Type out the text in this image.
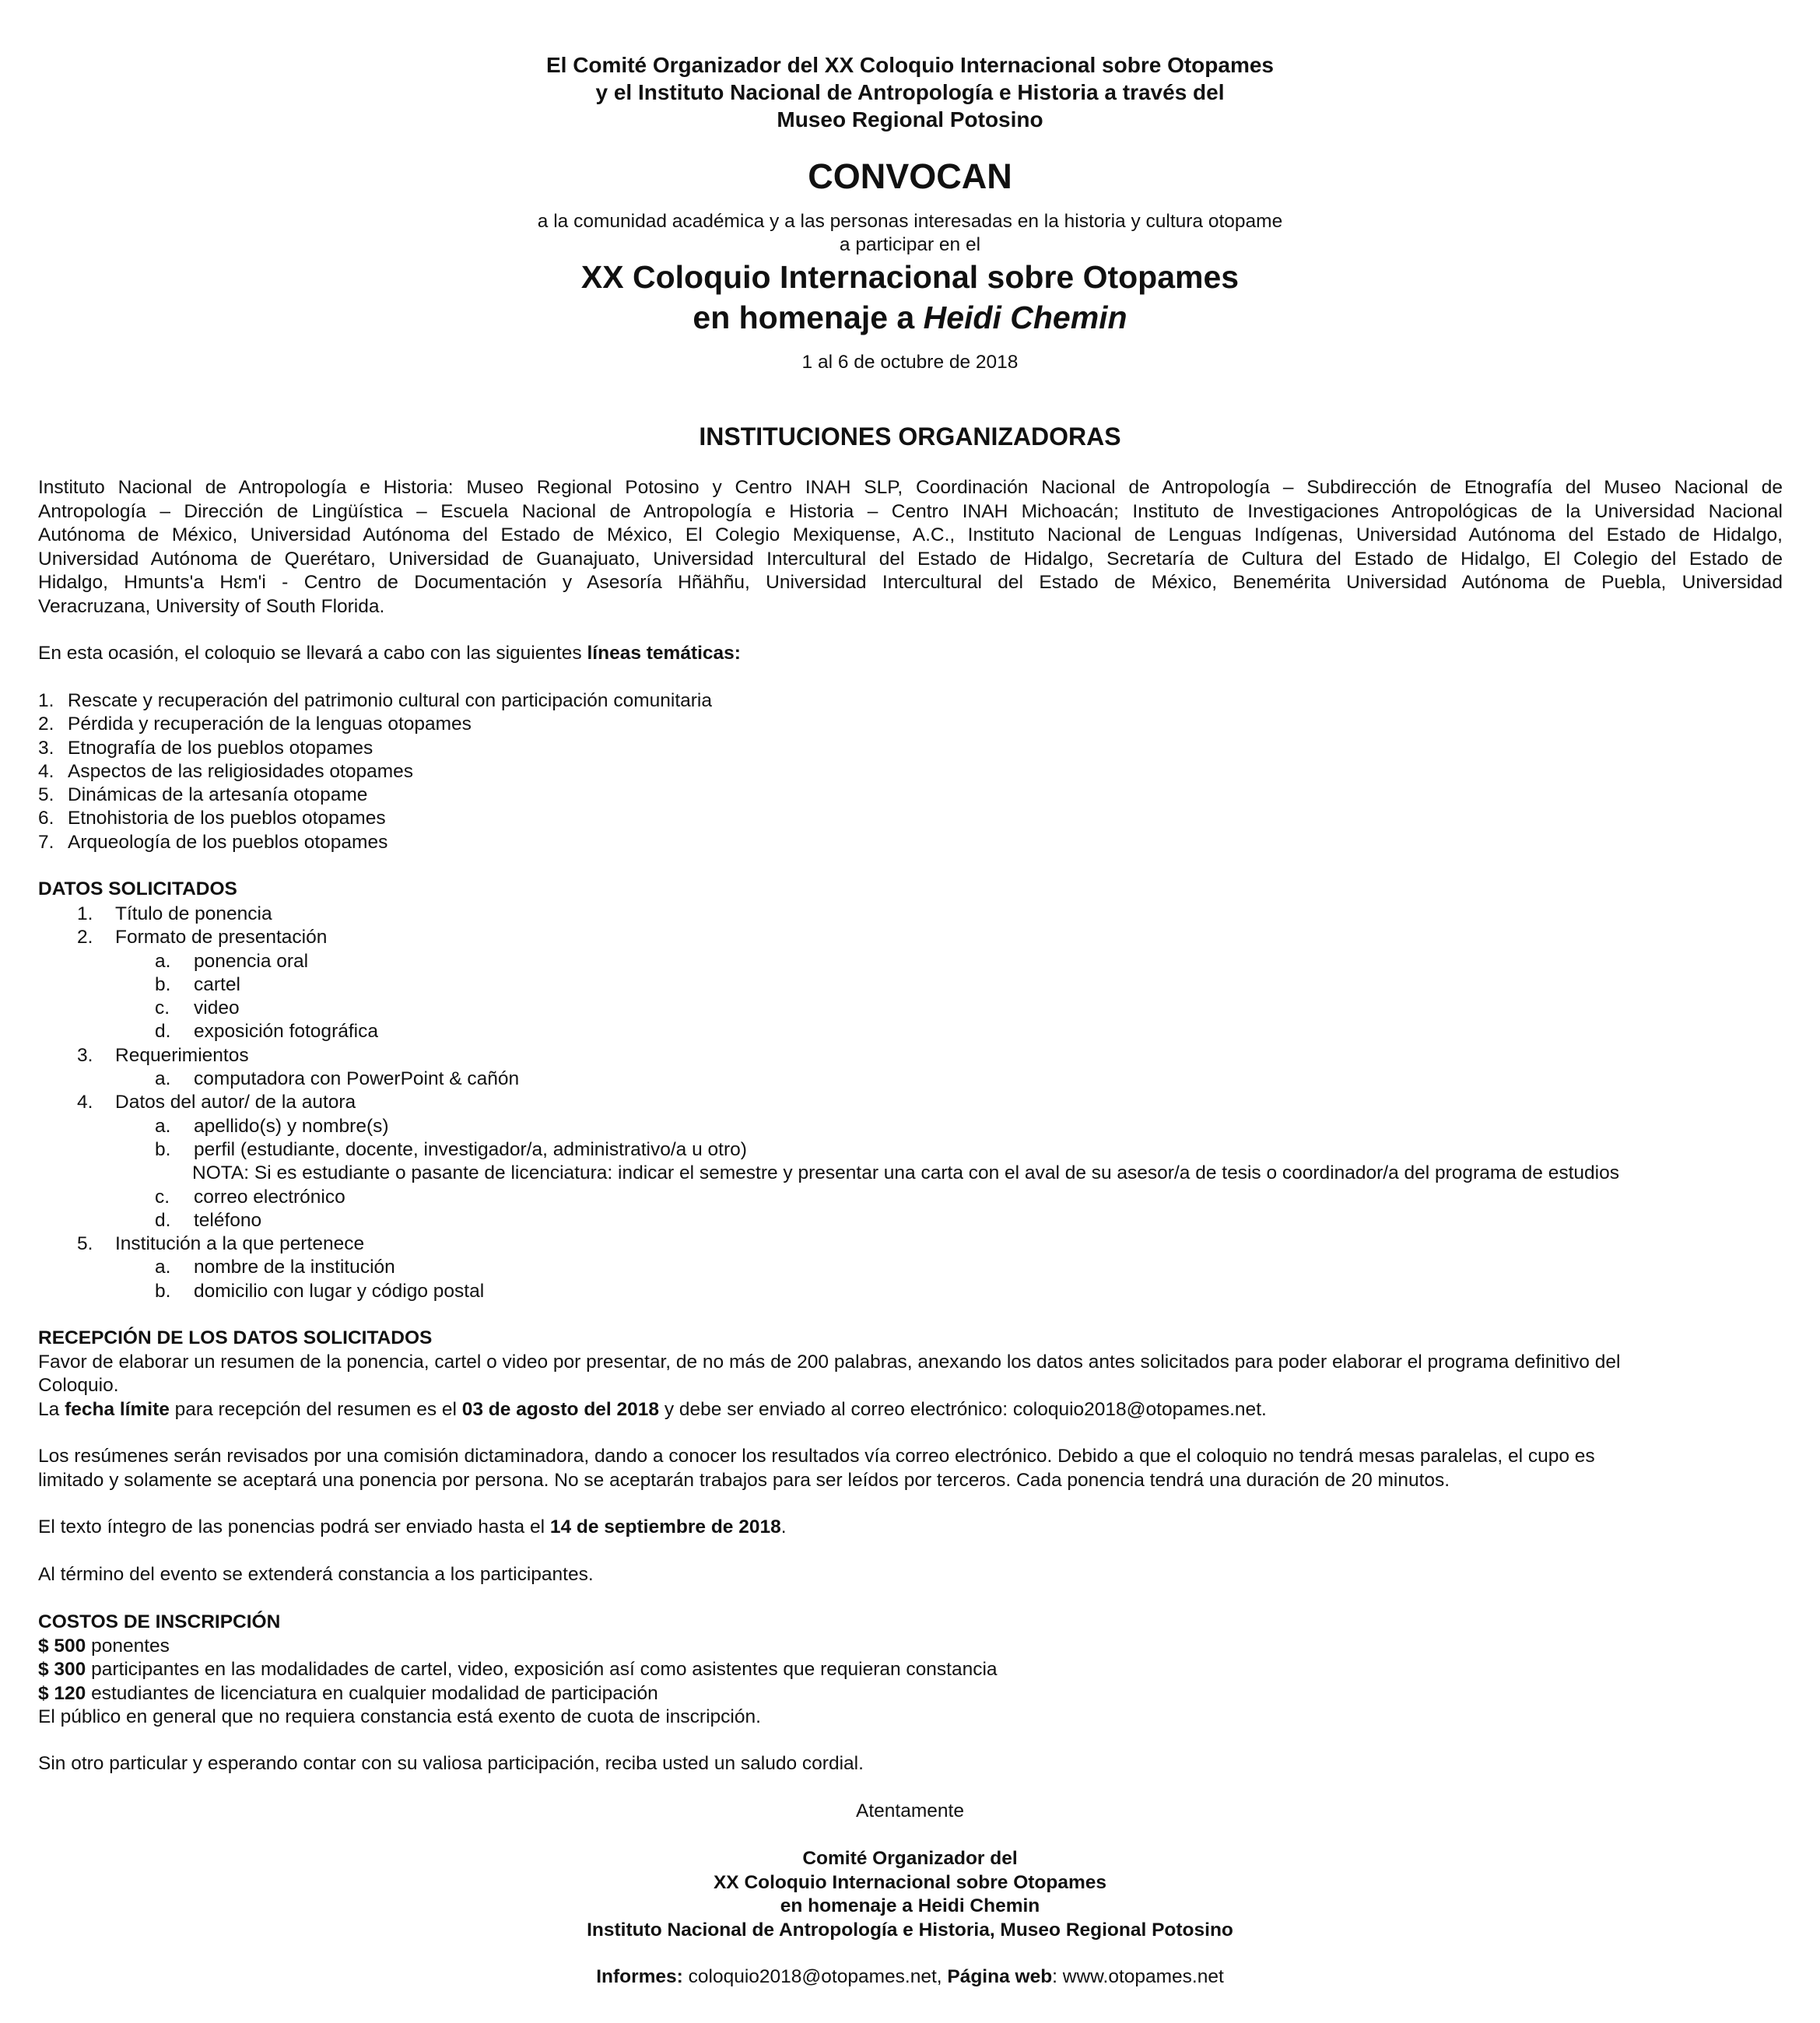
El Comité Organizador del XX Coloquio Internacional sobre Otopames
y el Instituto Nacional de Antropología e Historia a través del
Museo Regional Potosino
CONVOCAN
a la comunidad académica y a las personas interesadas en la historia y cultura otopame
a participar en el
XX Coloquio Internacional sobre Otopames
en homenaje a Heidi Chemin
1 al 6 de octubre de 2018
INSTITUCIONES ORGANIZADORAS
Instituto Nacional de Antropología e Historia: Museo Regional Potosino y Centro INAH SLP, Coordinación Nacional de Antropología – Subdirección de Etnografía del Museo Nacional de
Antropología – Dirección de Lingüística – Escuela Nacional de Antropología e Historia – Centro INAH Michoacán; Instituto de Investigaciones Antropológicas de la Universidad Nacional
Autónoma de México, Universidad Autónoma del Estado de México, El Colegio Mexiquense, A.C., Instituto Nacional de Lenguas Indígenas, Universidad Autónoma del Estado de Hidalgo,
Universidad Autónoma de Querétaro, Universidad de Guanajuato, Universidad Intercultural del Estado de Hidalgo, Secretaría de Cultura del Estado de Hidalgo, El Colegio del Estado de
Hidalgo, Hmunts'a Hɛm'i - Centro de Documentación y Asesoría Hñähñu, Universidad Intercultural del Estado de México, Benemérita Universidad Autónoma de Puebla, Universidad
Veracruzana, University of South Florida.
En esta ocasión, el coloquio se llevará a cabo con las siguientes líneas temáticas:
1. Rescate y recuperación del patrimonio cultural con participación comunitaria
2. Pérdida y recuperación de la lenguas otopames
3. Etnografía de los pueblos otopames
4. Aspectos de las religiosidades otopames
5. Dinámicas de la artesanía otopame
6. Etnohistoria de los pueblos otopames
7. Arqueología de los pueblos otopames
DATOS SOLICITADOS
1. Título de ponencia
2. Formato de presentación
a. ponencia oral
b. cartel
c. video
d. exposición fotográfica
3. Requerimientos
a. computadora con PowerPoint & cañón
4. Datos del autor/ de la autora
a. apellido(s) y nombre(s)
b. perfil (estudiante, docente, investigador/a, administrativo/a u otro)
NOTA: Si es estudiante o pasante de licenciatura: indicar el semestre y presentar una carta con el aval de su asesor/a de tesis o coordinador/a del programa de estudios
c. correo electrónico
d. teléfono
5. Institución a la que pertenece
a. nombre de la institución
b. domicilio con lugar y código postal
RECEPCIÓN DE LOS DATOS SOLICITADOS
Favor de elaborar un resumen de la ponencia, cartel o video por presentar, de no más de 200 palabras, anexando los datos antes solicitados para poder elaborar el programa definitivo del
Coloquio.
La fecha límite para recepción del resumen es el 03 de agosto del 2018 y debe ser enviado al correo electrónico: coloquio2018@otopames.net.
Los resúmenes serán revisados por una comisión dictaminadora, dando a conocer los resultados vía correo electrónico. Debido a que el coloquio no tendrá mesas paralelas, el cupo es
limitado y solamente se aceptará una ponencia por persona. No se aceptarán trabajos para ser leídos por terceros. Cada ponencia tendrá una duración de 20 minutos.
El texto íntegro de las ponencias podrá ser enviado hasta el 14 de septiembre de 2018.
Al término del evento se extenderá constancia a los participantes.
COSTOS DE INSCRIPCIÓN
$ 500 ponentes
$ 300 participantes en las modalidades de cartel, video, exposición así como asistentes que requieran constancia
$ 120 estudiantes de licenciatura en cualquier modalidad de participación
El público en general que no requiera constancia está exento de cuota de inscripción.
Sin otro particular y esperando contar con su valiosa participación, reciba usted un saludo cordial.
Atentamente
Comité Organizador del
XX Coloquio Internacional sobre Otopames
en homenaje a Heidi Chemin
Instituto Nacional de Antropología e Historia, Museo Regional Potosino
Informes: coloquio2018@otopames.net, Página web: www.otopames.net
